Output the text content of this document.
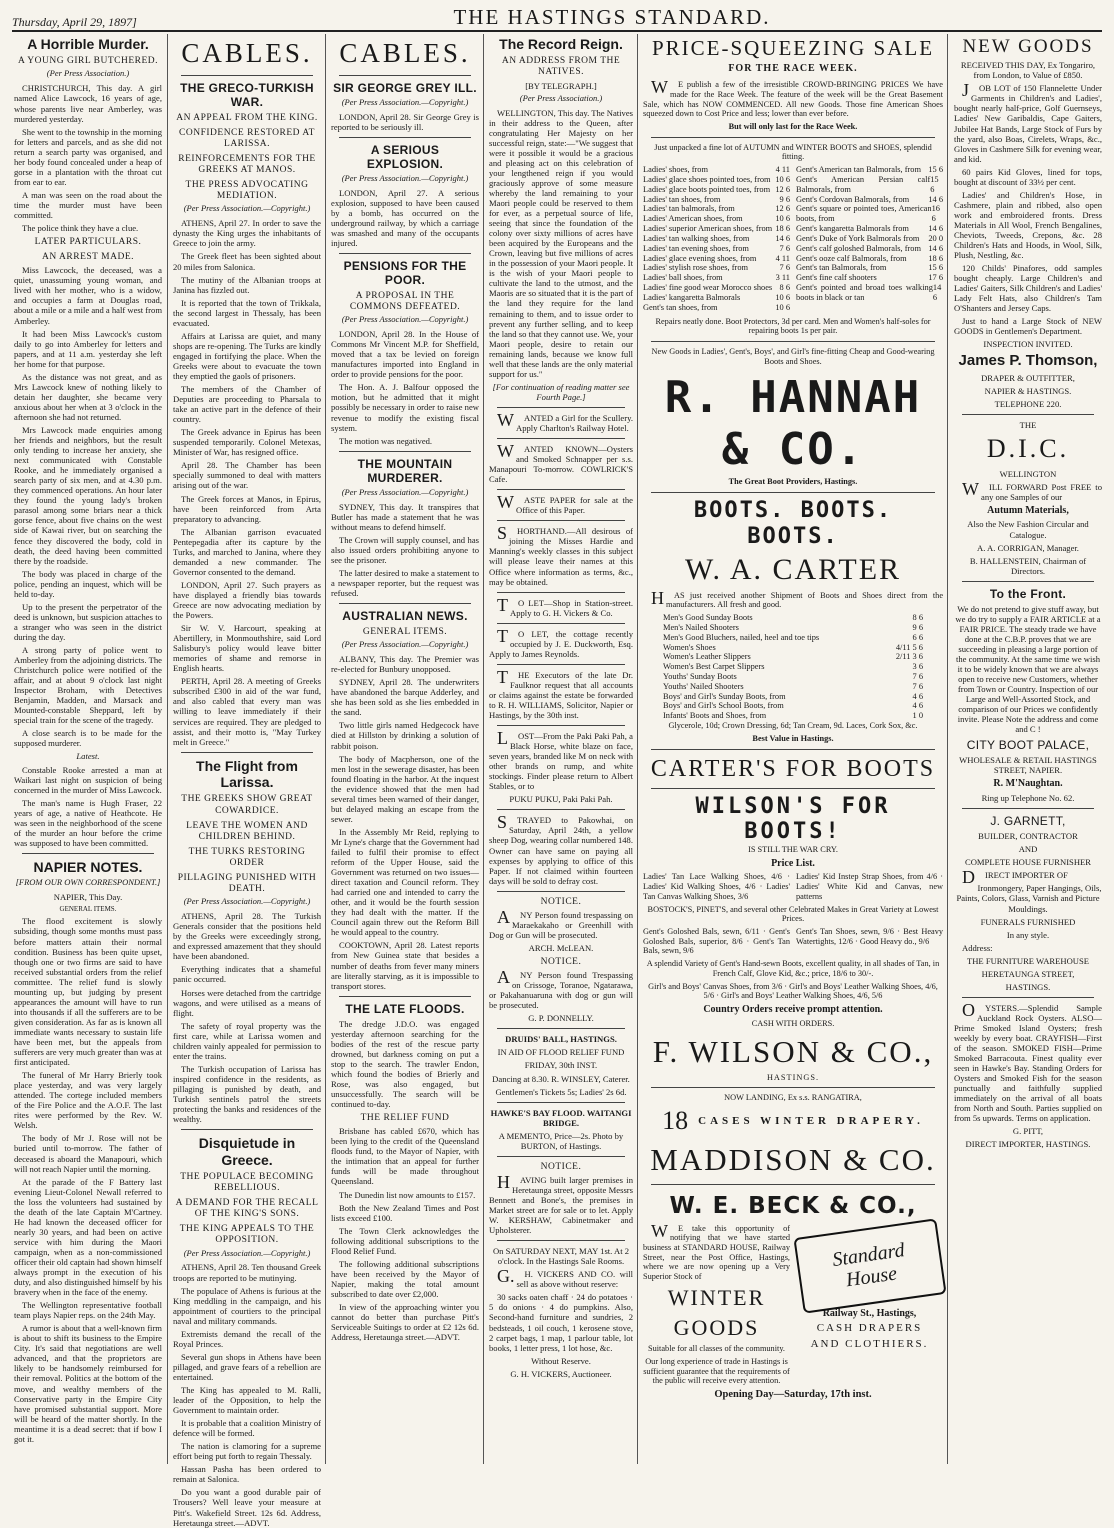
Thursday, April 29, 1897]	THE HASTINGS STANDARD.
A Horrible Murder.
A YOUNG GIRL BUTCHERED.
(Per Press Association.)

CHRISTCHURCH, This day. A girl named Alice Lawcock, 16 years of age, whose parents live near Amberley, was murdered yesterday.

She went to the township in the morning for letters and parcels, and as she did not return a search party was organised, and her body found concealed under a heap of gorse in a plantation with the throat cut from ear to ear.

A man was seen on the road about the time the murder must have been committed.

The police think they have a clue.

LATER PARTICULARS.
AN ARREST MADE.

Miss Lawcock, the deceased, was a quiet, unassuming young woman, and lived with her mother, who is a widow, and occupies a farm at Douglas road, about a mile or a mile and a half west from Amberley.

It had been Miss Lawcock's custom daily to go into Amberley for letters and papers, and at 11 a.m. yesterday she left her home for that purpose.

As the distance was not great, and as Mrs Lawcock knew of nothing likely to detain her daughter, she became very anxious about her when at 3 o'clock in the afternoon she had not returned.

Mrs Lawcock made enquiries among her friends and neighbors, but the result only tending to increase her anxiety, she next communicated with Constable Rooke, and he immediately organised a search party of six men, and at 4.30 p.m. they commenced operations. An hour later they found the young lady's broken parasol among some briars near a thick gorse fence, about five chains on the west side of Kawai river, but on searching the fence they discovered the body, cold in death, the deed having been committed there by the roadside.

The body was placed in charge of the police, pending an inquest, which will be held to-day.

Up to the present the perpetrator of the deed is unknown, but suspicion attaches to a stranger who was seen in the district during the day.

A strong party of police went to Amberley from the adjoining districts. The Christchurch police were notified of the affair, and at about 9 o'clock last night Inspector Broham, with Detectives Benjamin, Madden, and Marsack and Mounted-constable Sheppard, left by special train for the scene of the tragedy.

A close search is to be made for the supposed murderer.

Latest.

Constable Rooke arrested a man at Waikari last night on suspicion of being concerned in the murder of Miss Lawcock.

The man's name is Hugh Fraser, 22 years of age, a native of Heathcote. He was seen in the neighborhood of the scene of the murder an hour before the crime was supposed to have been committed.

NAPIER NOTES.
[FROM OUR OWN CORRESPONDENT.]

NAPIER, This Day.

GENERAL ITEMS.

The flood excitement is slowly subsiding, though some months must pass before matters attain their normal condition. Business has been quite upset, though one or two firms are said to have received substantial orders from the relief committee. The relief fund is slowly mounting up, but judging by present appearances the amount will have to run into thousands if all the sufferers are to be given consideration. As far as is known all immediate wants necessary to sustain life have been met, but the appeals from sufferers are very much greater than was at first anticipated.

The funeral of Mr Harry Brierly took place yesterday, and was very largely attended. The cortege included members of the Fire Police and the A.O.F. The last rites were performed by the Rev. W. Welsh.

The body of Mr J. Rose will not be buried until to-morrow. The father of deceased is aboard the Manapouri, which will not reach Napier until the morning.

At the parade of the F Battery last evening Lieut-Colonel Newall referred to the loss the volunteers had sustained by the death of the late Captain M'Cartney. He had known the deceased officer for nearly 30 years, and had been on active service with him during the Maori campaign, when as a non-commissioned officer their old captain had shown himself always prompt in the execution of his duty, and also distinguished himself by his bravery when in the face of the enemy.

The Wellington representative football team plays Napier reps. on the 24th May.

A rumor is about that a well-known firm is about to shift its business to the Empire City. It's said that negotiations are well advanced, and that the proprietors are likely to be handsomely reimbursed for their removal. Politics at the bottom of the move, and wealthy members of the Conservative party in the Empire City have promised substantial support. More will be heard of the matter shortly. In the meantime it is a dead secret: that if bow I got it.

CABLES.
THE GRECO-TURKISH WAR.
AN APPEAL FROM THE KING.
CONFIDENCE RESTORED AT LARISSA.
REINFORCEMENTS FOR THE GREEKS AT MANOS.
THE PRESS ADVOCATING MEDIATION.
(Per Press Association.—Copyright.)

ATHENS, April 27. In order to save the dynasty the King urges the inhabitants of Greece to join the army.

The Greek fleet has been sighted about 20 miles from Salonica.

The mutiny of the Albanian troops at Janina has fizzled out.

It is reported that the town of Trikkala, the second largest in Thessaly, has been evacuated.

Affairs at Larissa are quiet, and many shops are re-opening. The Turks are kindly engaged in fortifying the place. When the Greeks were about to evacuate the town they emptied the gaols of prisoners.

The members of the Chamber of Deputies are proceeding to Pharsala to take an active part in the defence of their country.

The Greek advance in Epirus has been suspended temporarily. Colonel Metexas, Minister of War, has resigned office.

April 28. The Chamber has been specially summoned to deal with matters arising out of the war.

The Greek forces at Manos, in Epirus, have been reinforced from Arta preparatory to advancing.

The Albanian garrison evacuated Pentepegadia after its capture by the Turks, and marched to Janina, where they demanded a new commander. The Governor consented to the demand.

LONDON, April 27. Such prayers as have displayed a friendly bias towards Greece are now advocating mediation by the Powers.

Sir W. V. Harcourt, speaking at Abertillery, in Monmouthshire, said Lord Salisbury's policy would leave bitter memories of shame and remorse in English hearts.

PERTH, April 28. A meeting of Greeks subscribed £300 in aid of the war fund, and also cabled that every man was willing to leave immediately if their services are required. They are pledged to assist, and their motto is, "May Turkey melt in Greece."

The Flight from Larissa.
THE GREEKS SHOW GREAT COWARDICE.
LEAVE THE WOMEN AND CHILDREN BEHIND.
THE TURKS RESTORING ORDER
PILLAGING PUNISHED WITH DEATH.
(Per Press Association.—Copyright.)

ATHENS, April 28. The Turkish Generals consider that the positions held by the Greeks were exceedingly strong, and expressed amazement that they should have been abandoned.

Everything indicates that a shameful panic occurred.

Horses were detached from the cartridge wagons, and were utilised as a means of flight.

The safety of royal property was the first care, while at Larissa women and children vainly appealed for permission to enter the trains.

The Turkish occupation of Larissa has inspired confidence in the residents, as pillaging is punished by death, and Turkish sentinels patrol the streets protecting the banks and residences of the wealthy.

Disquietude in Greece.
THE POPULACE BECOMING REBELLIOUS.
A DEMAND FOR THE RECALL OF THE KING'S SONS.
THE KING APPEALS TO THE OPPOSITION.
(Per Press Association.—Copyright.)

ATHENS, April 28. Ten thousand Greek troops are reported to be mutinying.

The populace of Athens is furious at the King meddling in the campaign, and his appointment of courtiers to the principal naval and military commands.

Extremists demand the recall of the Royal Princes.

Several gun shops in Athens have been pillaged, and grave fears of a rebellion are entertained.

The King has appealed to M. Ralli, leader of the Opposition, to help the Government to maintain order.

It is probable that a coalition Ministry of defence will be formed.

The nation is clamoring for a supreme effort being put forth to regain Thessaly.

Hassan Pasha has been ordered to remain at Salonica.

Do you want a good durable pair of Trousers? Well leave your measure at Pitt's. Wakefield Street. 12s 6d. Address, Heretaunga street.—ADVT.

CABLES.
SIR GEORGE GREY ILL.
(Per Press Association.—Copyright.)

LONDON, April 28. Sir George Grey is reported to be seriously ill.

A SERIOUS EXPLOSION.
(Per Press Association.—Copyright.)

LONDON, April 27. A serious explosion, supposed to have been caused by a bomb, has occurred on the underground railway, by which a carriage was smashed and many of the occupants injured.

PENSIONS FOR THE POOR.
A PROPOSAL IN THE COMMONS DEFEATED.
(Per Press Association.—Copyright.)

LONDON, April 28. In the House of Commons Mr Vincent M.P. for Sheffield, moved that a tax be levied on foreign manufactures imported into England in order to provide pensions for the poor.

The Hon. A. J. Balfour opposed the motion, but he admitted that it might possibly be necessary in order to raise new revenue to modify the existing fiscal system.

The motion was negatived.

THE MOUNTAIN MURDERER.
(Per Press Association.—Copyright.)

SYDNEY, This day. It transpires that Butler has made a statement that he was without means to defend himself.

The Crown will supply counsel, and has also issued orders prohibiting anyone to see the prisoner.

The latter desired to make a statement to a newspaper reporter, but the request was refused.

AUSTRALIAN NEWS.
GENERAL ITEMS.
(Per Press Association.—Copyright.)

ALBANY, This day. The Premier was re-elected for Bunbury unopposed.

SYDNEY, April 28. The underwriters have abandoned the barque Adderley, and she has been sold as she lies embedded in the sand.

Two little girls named Hedgecock have died at Hillston by drinking a solution of rabbit poison.

The body of Macpherson, one of the men lost in the sewerage disaster, has been found floating in the harbor. At the inquest the evidence showed that the men had several times been warned of their danger, but delayed making an escape from the sewer.

In the Assembly Mr Reid, replying to Mr Lyne's charge that the Government had failed to fulfil their promise to effect reform of the Upper House, said the Government was returned on two issues—direct taxation and Council reform. They had carried one and intended to carry the other, and it would be the fourth session they had dealt with the matter. If the Council again threw out the Reform Bill he would appeal to the country.

COOKTOWN, April 28. Latest reports from New Guinea state that besides a number of deaths from fever many miners are literally starving, as it is impossible to transport stores.

THE LATE FLOODS.

The dredge J.D.O. was engaged yesterday afternoon searching for the bodies of the rest of the rescue party drowned, but darkness coming on put a stop to the search. The trawler Endon, which found the bodies of Brierly and Rose, was also engaged, but unsuccessfully. The search will be continued to-day.

THE RELIEF FUND

Brisbane has cabled £670, which has been lying to the credit of the Queensland floods fund, to the Mayor of Napier, with the intimation that an appeal for further funds will be made throughout Queensland.

The Dunedin list now amounts to £157.

Both the New Zealand Times and Post lists exceed £100.

The Town Clerk acknowledges the following additional subscriptions to the Flood Relief Fund.

The following additional subscriptions have been received by the Mayor of Napier, making the total amount subscribed to date over £2,000.

In view of the approaching winter you cannot do better than purchase Pitt's Serviceable Suitings to order at £2 12s 6d. Address, Heretaunga street.—ADVT.

The Record Reign.
AN ADDRESS FROM THE NATIVES.

[BY TELEGRAPH.]

(Per Press Association.)

WELLINGTON, This day. The Natives in their address to the Queen, after congratulating Her Majesty on her successful reign, state:—"We suggest that were it possible it would be a gracious and pleasing act on this celebration of your lengthened reign if you would graciously approve of some measure whereby the land remaining to your Maori people could be reserved to them for ever, as a perpetual source of life, seeing that since the foundation of the colony over sixty millions of acres have been acquired by the Europeans and the Crown, leaving but five millions of acres in the possession of your Maori people. It is the wish of your Maori people to cultivate the land to the utmost, and the Maoris are so situated that it is the part of the land they require for the land remaining to them, and to issue order to prevent any further selling, and to keep the land so that they cannot use. We, your Maori people, desire to retain our remaining lands, because we know full well that these lands are the only material support for us."

[For continuation of reading matter see Fourth Page.]

WANTED a Girl for the Scullery. Apply Charlton's Railway Hotel.

WANTED KNOWN—Oysters and Smoked Schnapper per s.s. Manapouri To-morrow. COWLRICK'S Cafe.

WASTE PAPER for sale at the Office of this Paper.

SHORTHAND.—All desirous of joining the Misses Hardie and Manning's weekly classes in this subject will please leave their names at this Office where information as terms, &c., may be obtained.

TO LET—Shop in Station-street. Apply to G. H. Vickers & Co.

TO LET, the cottage recently occupied by J. E. Duckworth, Esq. Apply to James Reynolds.

THE Executors of the late Dr. Faulknor request that all accounts or claims against the estate be forwarded to R. H. WILLIAMS, Solicitor, Napier or Hastings, by the 30th inst.

LOST—From the Paki Paki Pah, a Black Horse, white blaze on face, seven years, branded like M on neck with other brands on rump, and white stockings. Finder please return to Albert Stables, or to

PUKU PUKU, Paki Paki Pah.

STRAYED to Pakowhai, on Saturday, April 24th, a yellow sheep Dog, wearing collar numbered 148. Owner can have same on paying all expenses by applying to office of this Paper. If not claimed within fourteen days will be sold to defray cost.

NOTICE.

ANY Person found trespassing on Maraekakaho or Greenhill with Dog or Gun will be prosecuted.

ARCH. McLEAN.

NOTICE.

ANY Person found Trespassing on Crissoge, Toranoe, Ngatarawa, or Pakahanuaruna with dog or gun will be prosecuted.

G. P. DONNELLY.

DRUIDS' BALL, HASTINGS.

IN AID OF FLOOD RELIEF FUND

FRIDAY, 30th INST.

Dancing at 8.30. R. WINSLEY, Caterer.

Gentlemen's Tickets 5s; Ladies' 2s 6d.

HAWKE'S BAY FLOOD. WAITANGI BRIDGE.

A MEMENTO, Price—2s. Photo by BURTON, of Hastings.

NOTICE.

HAVING built larger premises in Heretaunga street, opposite Messrs Bennett and Bone's, the premises in Market street are for sale or to let. Apply W. KERSHAW, Cabinetmaker and Upholsterer.

On SATURDAY NEXT, MAY 1st. At 2 o'clock. In the Hastings Sale Rooms.

G.H. VICKERS AND CO. will sell as above without reserve:

30 sacks oaten chaff · 24 do potatoes · 5 do onions · 4 do pumpkins. Also, Second-hand furniture and sundries, 2 bedsteads, 1 oil couch, 1 kerosene stove, 2 carpet bags, 1 map, 1 parlour table, lot books, 1 letter press, 1 lot hose, &c.

Without Reserve.

G. H. VICKERS, Auctioneer.

PRICE-SQUEEZING SALE
FOR THE RACE WEEK.

WE publish a few of the irresistible CROWD-BRINGING PRICES We have made for the Race Week. The feature of the week will be the Great Basement Sale, which has NOW COMMENCED. All new Goods. Those fine American Shoes squeezed down to Cost Price and less; lower than ever before.

But will only last for the Race Week.

Just unpacked a fine lot of AUTUMN and WINTER BOOTS and SHOES, splendid fitting.

Ladies' shoes, from	4 11
Ladies' glace shoes pointed toes, from 10 6
Ladies' glace boots pointed toes, from 12 6
Ladies' tan shoes, from	9 6
Ladies' tan balmorals, from	12 6
Ladies' American shoes, from	10 6
Ladies' superior American shoes, from 18 6
Ladies' tan walking shoes, from	14 6
Ladies' tan evening shoes, from	7 6
Ladies' glace evening shoes, from 4 11
Ladies' stylish rose shoes, from	7 6
Ladies' ball shoes, from	3 11
Ladies' fine good wear Morocco shoes 8 6
Ladies' kangaretta Balmorals	10 6
Gent's tan shoes, from	10 6
Gent's American tan Balmorals, from 15 6
Gent's American Persian calf Balmorals, from
15 6
Gent's Cordovan Balmorals, from 14 6
Gent's square or pointed toes, American boots, from
16 6
Gent's kangaretta Balmorals from 14 6
Gent's Duke of York Balmorals from 20 0
Gent's calf goloshed Balmorals, from 14 6
Gent's ooze calf Balmorals, from	18 6
Gent's tan Balmorals, from	15 6
Gent's fine calf shooters	17 6
Gent's pointed and broad toes walking boots in black or tan
14 6

Repairs neatly done. Boot Protectors, 3d per card. Men and Women's half-soles for repairing boots 1s per pair.

New Goods in Ladies', Gent's, Boys', and Girl's fine-fitting Cheap and Good-wearing Boots and Shoes.

R. HANNAH & CO.

The Great Boot Providers, Hastings.

BOOTS. BOOTS. BOOTS.
W. A. CARTER

HAS just received another Shipment of Boots and Shoes direct from the manufacturers. All fresh and good.

Men's Good Sunday Boots	8 6
Men's Nailed Shooters	9 6
Men's Good Bluchers, nailed, heel and toe tips	6 6
Women's Shoes	4/11 5 6
Women's Leather Slippers	2/11 3 6
Women's Best Carpet Slippers	3 6
Youths' Sunday Boots	7 6
Youths' Nailed Shooters	7 6
Boys' and Girl's Sunday Boots, from	4 6
Boys' and Girl's School Boots, from	4 6
Infants' Boots and Shoes, from	1 0

Glycerole, 10d; Crown Dressing, 6d; Tan Cream, 9d. Laces, Cork Sox, &c.

Best Value in Hastings.

CARTER'S FOR BOOTS
WILSON'S FOR BOOTS!

IS STILL THE WAR CRY.

Price List.

Ladies' Tan Lace Walking Shoes, 4/6 · Ladies' Kid Walking Shoes, 4/6 · Ladies' Tan Canvas Walking Shoes, 3/6
Ladies' Kid Instep Strap Shoes, from 4/6 · Ladies' White Kid and Canvas, new patterns

BOSTOCK'S, PINET'S, and several other Celebrated Makes in Great Variety at Lowest Prices.

Gent's Goloshed Bals, sewn, 6/11 · Gent's Goloshed Bals, superior, 8/6 · Gent's Tan Bals, sewn, 9/6
Gent's Tan Shoes, sewn, 9/6 · Best Heavy Watertights, 12/6 · Good Heavy do., 9/6

A splendid Variety of Gent's Hand-sewn Boots, excellent quality, in all shades of Tan, in French Calf, Glove Kid, &c.; price, 18/6 to 30/-.

Girl's and Boys' Canvas Shoes, from 3/6 · Girl's and Boys' Leather Walking Shoes, 4/6, 5/6 · Girl's and Boys' Leather Walking Shoes, 4/6, 5/6

Country Orders receive prompt attention.

CASH WITH ORDERS.

F. WILSON & CO.,

HASTINGS.

NOW LANDING, Ex s.s. RANGATIRA,

18 CASES WINTER DRAPERY.
MADDISON & CO.
W. E. BECK & CO.,

WE take this opportunity of notifying that we have started business at STANDARD HOUSE, Railway Street, near the Post Office, Hastings, where we are now opening up a Very Superior Stock of

WINTER
GOODS

Suitable for all classes of the community.

Our long experience of trade in Hastings is sufficient guarantee that the requirements of the public will receive every attention.

Standard
House

Railway St., Hastings,

CASH DRAPERS

AND CLOTHIERS.

Opening Day—Saturday, 17th inst.

NEW GOODS

RECEIVED THIS DAY, Ex Tongariro, from London, to Value of £850.

JOB LOT of 150 Flannelette Under Garments in Children's and Ladies', bought nearly half-price, Golf Guernseys, Ladies' New Garibaldis, Cape Gaiters, Jubilee Hat Bands, Large Stock of Furs by the yard, also Boas, Cirelets, Wraps, &c., Gloves in Cashmere Silk for evening wear, and kid.

60 pairs Kid Gloves, lined for tops, bought at discount of 33½ per cent.

Ladies' and Children's Hose, in Cashmere, plain and ribbed, also open work and embroidered fronts. Dress Materials in All Wool, French Bengalines, Cheviots, Tweeds, Crepons, &c. 28 Children's Hats and Hoods, in Wool, Silk, Plush, Nestling, &c.

120 Childs' Pinafores, odd samples bought cheaply. Large Children's and Ladies' Gaiters, Silk Children's and Ladies' Lady Felt Hats, also Children's Tam O'Shanters and Jersey Caps.

Just to hand a Large Stock of NEW GOODS in Gentlemen's Department.

INSPECTION INVITED.

James P. Thomson,

DRAPER & OUTFITTER,

NAPIER & HASTINGS.

TELEPHONE 220.

THE

D.I.C.

WELLINGTON

WILL FORWARD Post FREE to any one Samples of our

Autumn Materials,

Also the New Fashion Circular and Catalogue.

A. A. CORRIGAN, Manager.

B. HALLENSTEIN, Chairman of Directors.

To the Front.

We do not pretend to give stuff away, but we do try to supply a FAIR ARTICLE at a FAIR PRICE. The steady trade we have done at the C.B.P. proves that we are succeeding in pleasing a large portion of the community. At the same time we wish it to be widely known that we are always open to receive new Customers, whether from Town or Country. Inspection of our Large and Well-Assorted Stock, and comparison of our Prices we confidently invite. Please Note the address and come and C !

CITY BOOT PALACE,

WHOLESALE & RETAIL HASTINGS STREET, NAPIER.

R. M'Naughtan.

Ring up Telephone No. 62.

J. GARNETT,

BUILDER, CONTRACTOR

AND

COMPLETE HOUSE FURNISHER

DIRECT IMPORTER OF

Ironmongery, Paper Hangings, Oils, Paints, Colors, Glass, Varnish and Picture Mouldings.

FUNERALS FURNISHED

In any style.

Address:

THE FURNITURE WAREHOUSE

HERETAUNGA STREET,

HASTINGS.

OYSTERS.—Splendid Sample Auckland Rock Oysters. ALSO—Prime Smoked Island Oysters; fresh weekly by every boat. CRAYFISH—First of the season. SMOKED FISH—Prime Smoked Barracouta. Finest quality ever seen in Hawke's Bay. Standing Orders for Oysters and Smoked Fish for the season punctually and faithfully supplied immediately on the arrival of all boats from North and South. Parties supplied on from 5s upwards. Terms on application.

G. PITT,

DIRECT IMPORTER, HASTINGS.
